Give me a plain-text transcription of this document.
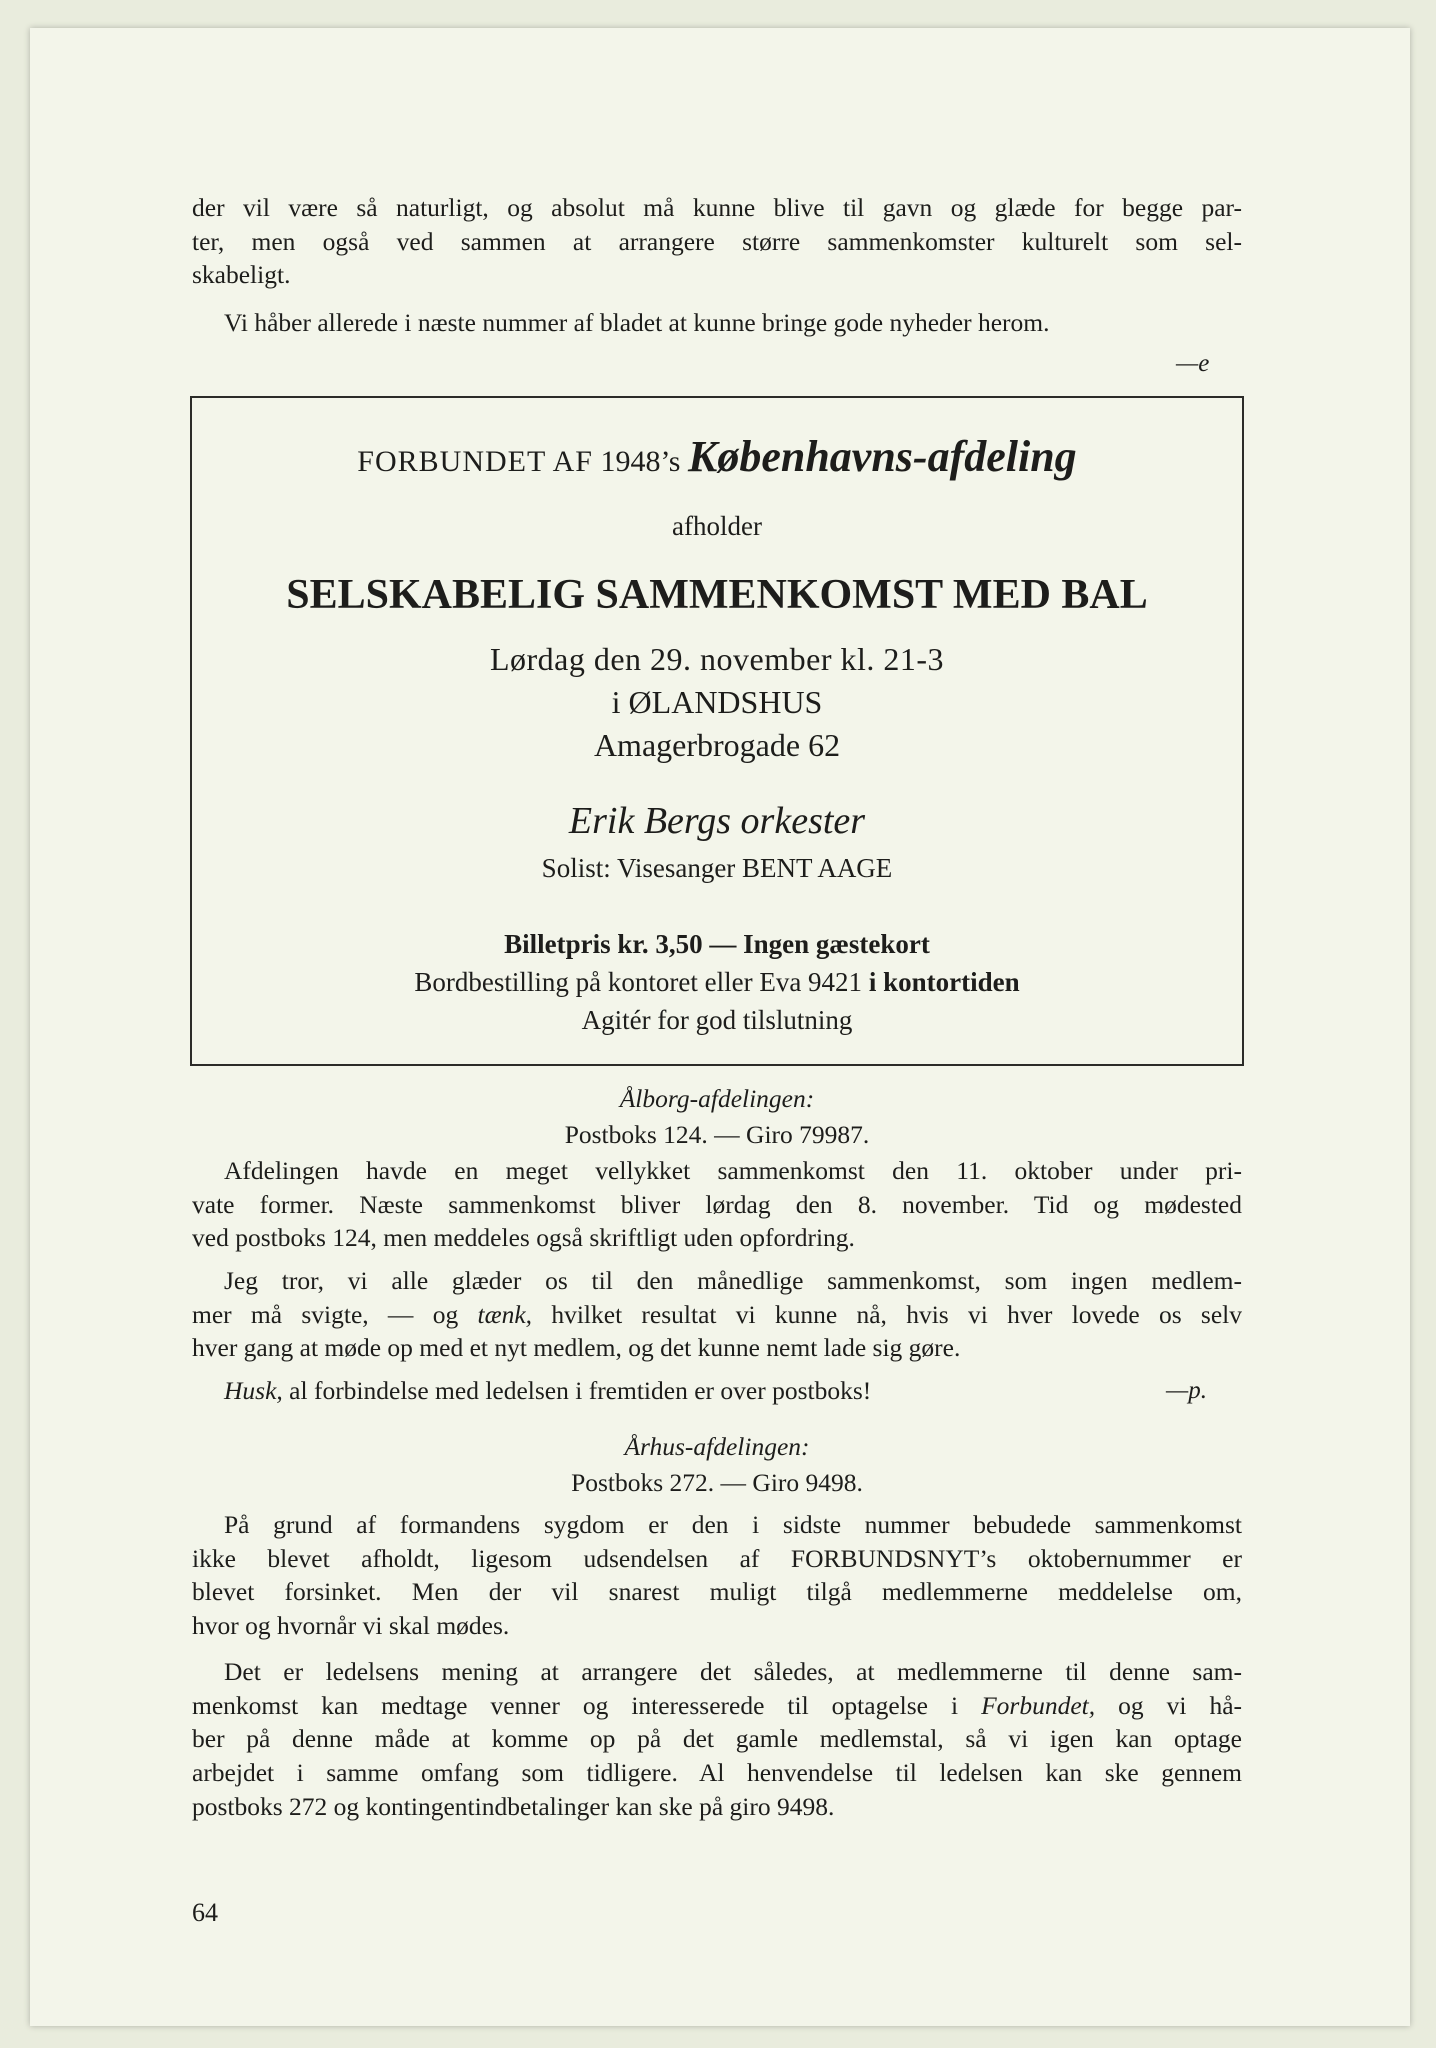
der vil være så naturligt, og absolut må kunne blive til gavn og glæde for begge par-
ter, men også ved sammen at arrangere større sammenkomster kulturelt som sel-
skabeligt.

Vi håber allerede i næste nummer af bladet at kunne bringe gode nyheder herom.

—e

FORBUNDET AF 1948’s Københavns-afdeling

afholder

SELSKABELIG SAMMENKOMST MED BAL

Lørdag den 29. november kl. 21-3

i ØLANDSHUS

Amagerbrogade 62

Erik Bergs orkester

Solist: Visesanger BENT AAGE

Billetpris kr. 3,50 — Ingen gæstekort

Bordbestilling på kontoret eller Eva 9421 i kontortiden

Agitér for god tilslutning

Ålborg-afdelingen:

Postboks 124. — Giro 79987.

Afdelingen havde en meget vellykket sammenkomst den 11. oktober under pri-
vate former. Næste sammenkomst bliver lørdag den 8. november. Tid og mødested
ved postboks 124, men meddeles også skriftligt uden opfordring.

Jeg tror, vi alle glæder os til den månedlige sammenkomst, som ingen medlem-
mer må svigte, — og tænk, hvilket resultat vi kunne nå, hvis vi hver lovede os selv
hver gang at møde op med et nyt medlem, og det kunne nemt lade sig gøre.

Husk, al forbindelse med ledelsen i fremtiden er over postboks!	—p.

Århus-afdelingen:

Postboks 272. — Giro 9498.

På grund af formandens sygdom er den i sidste nummer bebudede sammenkomst
ikke blevet afholdt, ligesom udsendelsen af FORBUNDSNYT’s oktobernummer er
blevet forsinket. Men der vil snarest muligt tilgå medlemmerne meddelelse om,
hvor og hvornår vi skal mødes.

Det er ledelsens mening at arrangere det således, at medlemmerne til denne sam-
menkomst kan medtage venner og interesserede til optagelse i Forbundet, og vi hå-
ber på denne måde at komme op på det gamle medlemstal, så vi igen kan optage
arbejdet i samme omfang som tidligere. Al henvendelse til ledelsen kan ske gennem
postboks 272 og kontingentindbetalinger kan ske på giro 9498.

64
